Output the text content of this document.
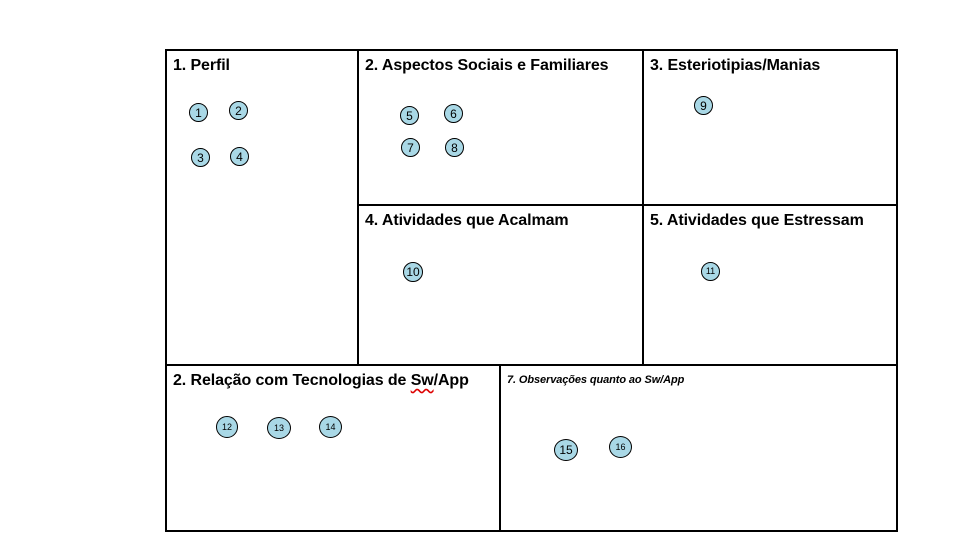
1. Perfil	2. Aspectos Sociais e Familiares	3. Esteriotipias/Manias
4. Atividades que Acalmam	5. Atividades que Estressam
2. Relação com Tecnologias de Sw/App	7. Observações quanto ao Sw/App
1	2
3	4
5	6
7	8
9
10	11
12	13	14
15	16
